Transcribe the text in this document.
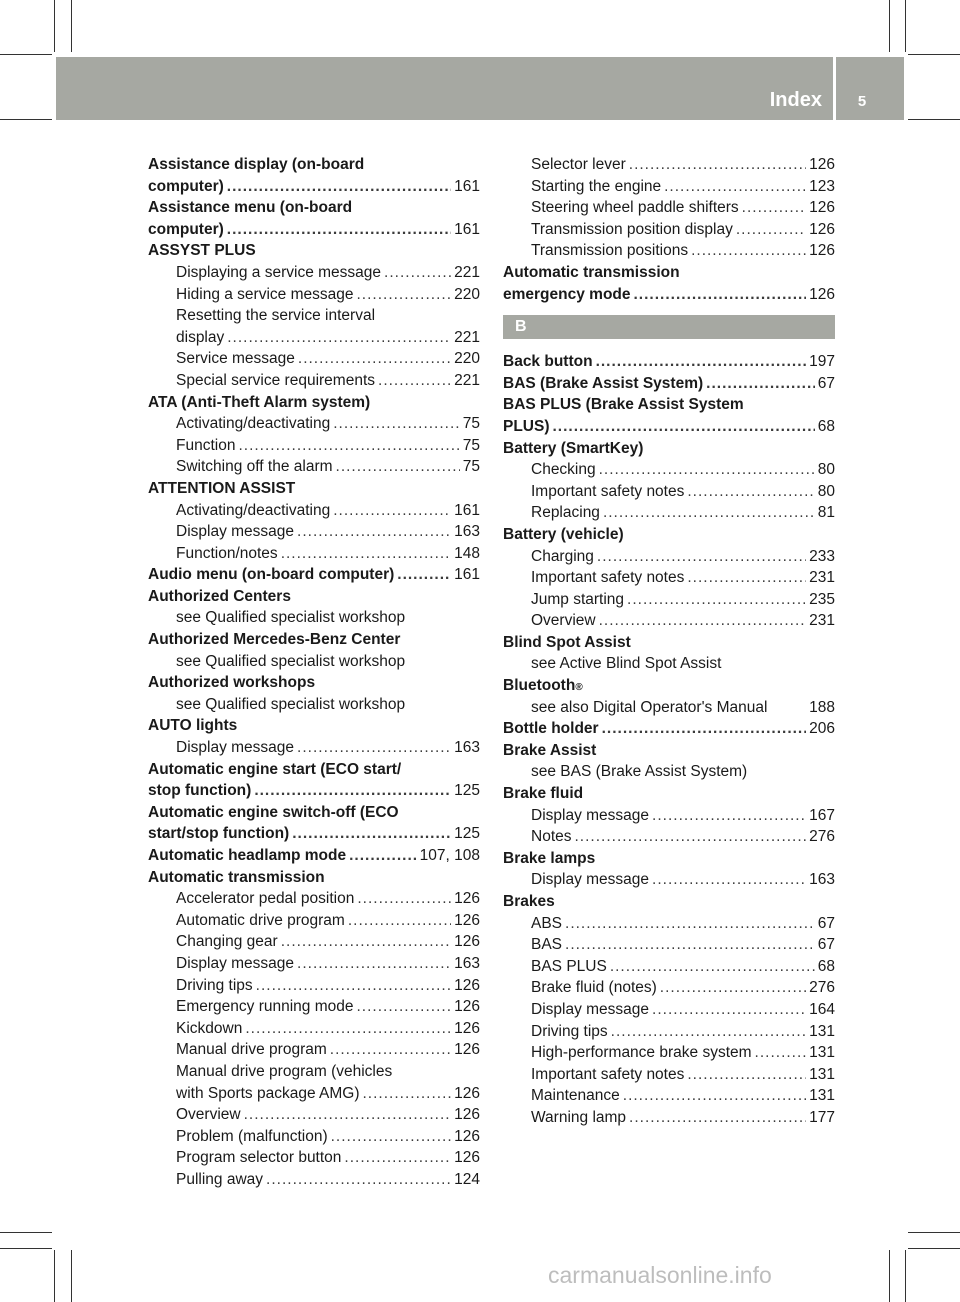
Index	5
Assistance display (on-board
computer) .....	161
Assistance menu (on-board
computer) .....	161
ASSYST PLUS
Displaying a service message .....	221
Hiding a service message .....	220
Resetting the service interval
display .....	221
Service message .....	220
Special service requirements .....	221
ATA (Anti-Theft Alarm system)
Activating/deactivating .....	75
Function .....	75
Switching off the alarm .....	75
ATTENTION ASSIST
Activating/deactivating .....	161
Display message .....	163
Function/notes .....	148
Audio menu (on-board computer) .....	161
Authorized Centers
see Qualified specialist workshop
Authorized Mercedes-Benz Center
see Qualified specialist workshop
Authorized workshops
see Qualified specialist workshop
AUTO lights
Display message .....	163
Automatic engine start (ECO start/
stop function) .....	125
Automatic engine switch-off (ECO
start/stop function) .....	125
Automatic headlamp mode .....	107, 108
Automatic transmission
Accelerator pedal position .....	126
Automatic drive program .....	126
Changing gear .....	126
Display message .....	163
Driving tips .....	126
Emergency running mode .....	126
Kickdown .....	126
Manual drive program .....	126
Manual drive program (vehicles
with Sports package AMG) .....	126
Overview .....	126
Problem (malfunction) .....	126
Program selector button .....	126
Pulling away .....	124
Selector lever .....	126
Starting the engine .....	123
Steering wheel paddle shifters .....	126
Transmission position display .....	126
Transmission positions .....	126
Automatic transmission
emergency mode .....	126
B
Back button .....	197
BAS (Brake Assist System) .....	67
BAS PLUS (Brake Assist System
PLUS) .....	68
Battery (SmartKey)
Checking .....	80
Important safety notes .....	80
Replacing .....	81
Battery (vehicle)
Charging .....	233
Important safety notes .....	231
Jump starting .....	235
Overview .....	231
Blind Spot Assist
see Active Blind Spot Assist
Bluetooth ®
see also Digital Operator's Manual	188
Bottle holder .....	206
Brake Assist
see BAS (Brake Assist System)
Brake fluid
Display message .....	167
Notes .....	276
Brake lamps
Display message .....	163
Brakes
ABS .....	67
BAS .....	67
BAS PLUS .....	68
Brake fluid (notes) .....	276
Display message .....	164
Driving tips .....	131
High-performance brake system .....	131
Important safety notes .....	131
Maintenance .....	131
Warning lamp .....	177
carmanualsonline.info
